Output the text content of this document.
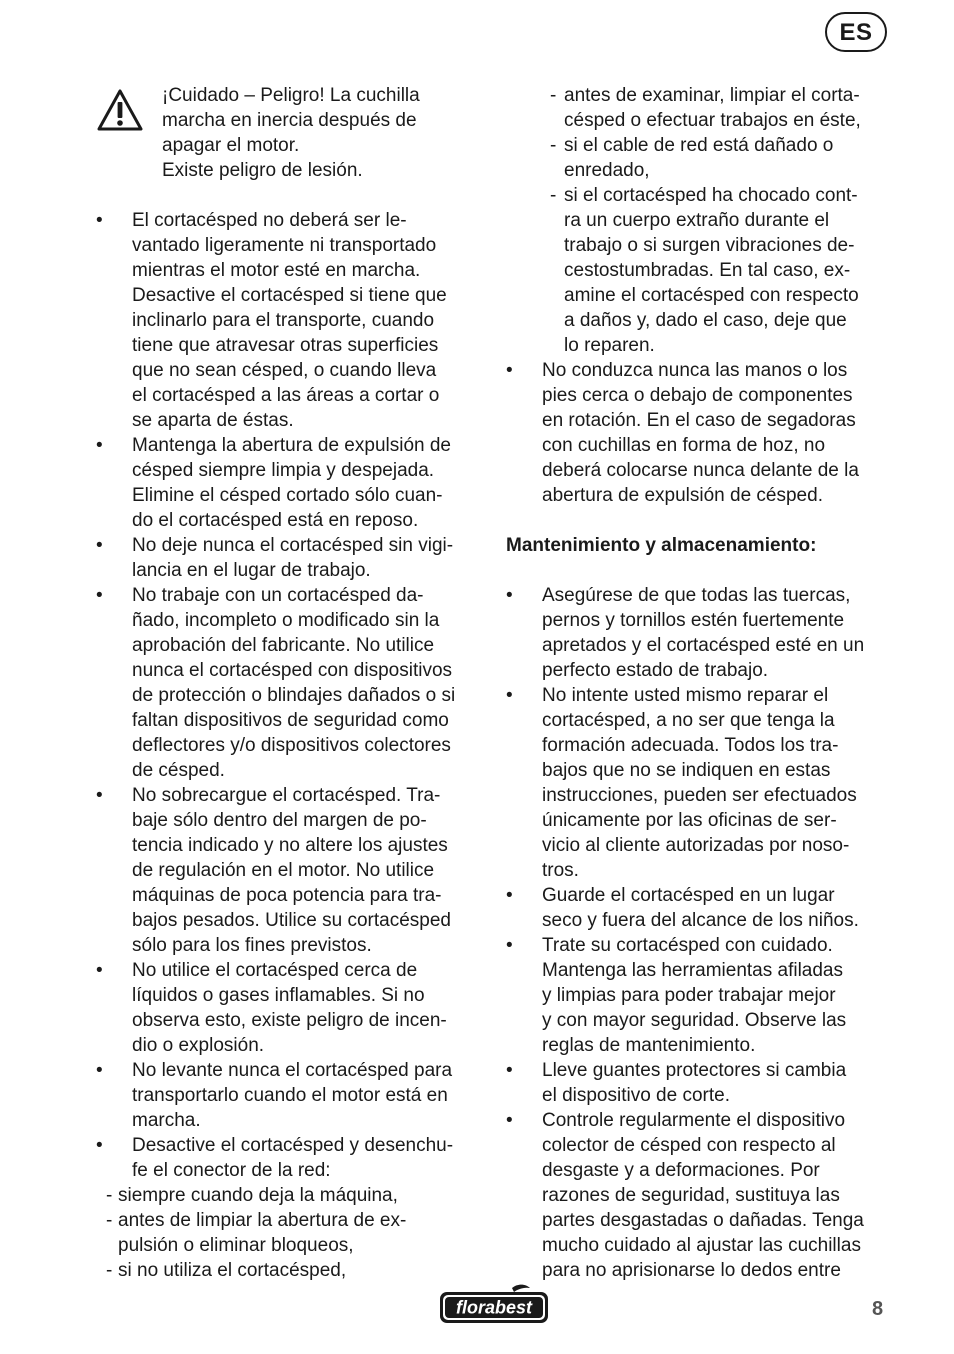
ES
¡Cuidado – Peligro! La cuchilla
marcha en inercia después de
apagar el motor.
Existe peligro de lesión.
• El cortacésped no deberá ser le-
vantado ligeramente ni transportado
mientras el motor esté en marcha.
Desactive el cortacésped si tiene que
inclinarlo para el transporte, cuando
tiene que atravesar otras superficies
que no sean césped, o cuando lleva
el cortacésped a las áreas a cortar o
se aparta de éstas.
• Mantenga la abertura de expulsión de
césped siempre limpia y despejada.
Elimine el césped cortado sólo cuan-
do el cortacésped está en reposo.
• No deje nunca el cortacésped sin vigi-
lancia en el lugar de trabajo.
• No trabaje con un cortacésped da-
ñado, incompleto o modificado sin la
aprobación del fabricante. No utilice
nunca el cortacésped con dispositivos
de protección o blindajes dañados o si
faltan dispositivos de seguridad como
deflectores y/o dispositivos colectores
de césped.
• No sobrecargue el cortacésped. Tra-
baje sólo dentro del margen de po-
tencia indicado y no altere los ajustes
de regulación en el motor. No utilice
máquinas de poca potencia para tra-
bajos pesados. Utilice su cortacésped
sólo para los fines previstos.
• No utilice el cortacésped cerca de
líquidos o gases inflamables. Si no
observa esto, existe peligro de incen-
dio o explosión.
• No levante nunca el cortacésped para
transportarlo cuando el motor está en
marcha.
• Desactive el cortacésped y desenchu-
fe el conector de la red:
- siempre cuando deja la máquina,
- antes de limpiar la abertura de ex-
pulsión o eliminar bloqueos,
- si no utiliza el cortacésped,
- antes de examinar, limpiar el corta-
césped o efectuar trabajos en éste,
- si el cable de red está dañado o
enredado,
- si el cortacésped ha chocado cont-
ra un cuerpo extraño durante el
trabajo o si surgen vibraciones de-
cestostumbradas. En tal caso, ex-
amine el cortacésped con respecto
a daños y, dado el caso, deje que
lo reparen.
• No conduzca nunca las manos o los
pies cerca o debajo de componentes
en rotación. En el caso de segadoras
con cuchillas en forma de hoz, no
deberá colocarse nunca delante de la
abertura de expulsión de césped.
Mantenimiento y almacenamiento:
• Asegúrese de que todas las tuercas,
pernos y tornillos estén fuertemente
apretados y el cortacésped esté en un
perfecto estado de trabajo.
• No intente usted mismo reparar el
cortacésped, a no ser que tenga la
formación adecuada. Todos los tra-
bajos que no se indiquen en estas
instrucciones, pueden ser efectuados
únicamente por las oficinas de ser-
vicio al cliente autorizadas por noso-
tros.
• Guarde el cortacésped en un lugar
seco y fuera del alcance de los niños.
• Trate su cortacésped con cuidado.
Mantenga las herramientas afiladas
y limpias para poder trabajar mejor
y con mayor seguridad. Observe las
reglas de mantenimiento.
• Lleve guantes protectores si cambia
el dispositivo de corte.
• Controle regularmente el dispositivo
colector de césped con respecto al
desgaste y a deformaciones. Por
razones de seguridad, sustituya las
partes desgastadas o dañadas. Tenga
mucho cuidado al ajustar las cuchillas
para no aprisionarse lo dedos entre
florabest	8
